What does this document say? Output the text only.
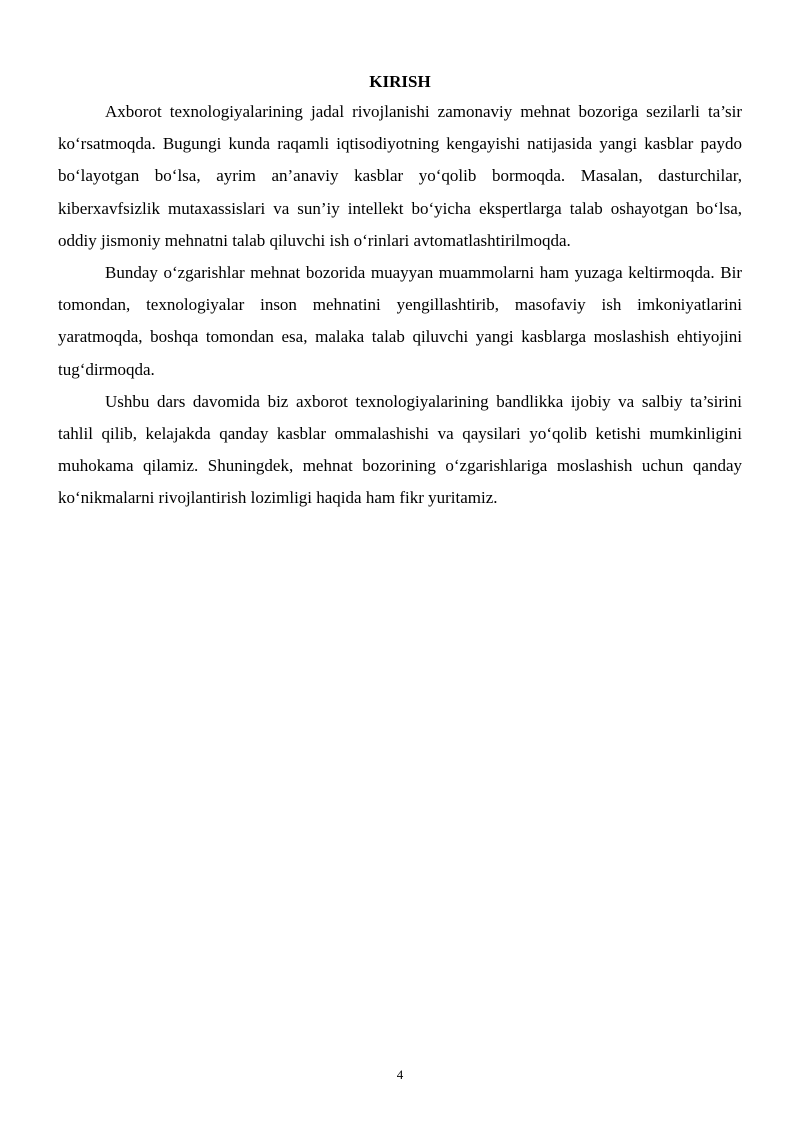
KIRISH

Axborot texnologiyalarining jadal rivojlanishi zamonaviy mehnat bozoriga sezilarli ta’sir ko‘rsatmoqda. Bugungi kunda raqamli iqtisodiyotning kengayishi natijasida yangi kasblar paydo bo‘layotgan bo‘lsa, ayrim an’anaviy kasblar yo‘qolib bormoqda. Masalan, dasturchilar, kiberxavfsizlik mutaxassislari va sun’iy intellekt bo‘yicha ekspertlarga talab oshayotgan bo‘lsa, oddiy jismoniy mehnatni talab qiluvchi ish o‘rinlari avtomatlashtirilmoqda.

Bunday o‘zgarishlar mehnat bozorida muayyan muammolarni ham yuzaga keltirmoqda. Bir tomondan, texnologiyalar inson mehnatini yengillashtirib, masofaviy ish imkoniyatlarini yaratmoqda, boshqa tomondan esa, malaka talab qiluvchi yangi kasblarga moslashish ehtiyojini tug‘dirmoqda.

Ushbu dars davomida biz axborot texnologiyalarining bandlikka ijobiy va salbiy ta’sirini tahlil qilib, kelajakda qanday kasblar ommalashishi va qaysilari yo‘qolib ketishi mumkinligini muhokama qilamiz. Shuningdek, mehnat bozorining o‘zgarishlariga moslashish uchun qanday ko‘nikmalarni rivojlantirish lozimligi haqida ham fikr yuritamiz.

4
